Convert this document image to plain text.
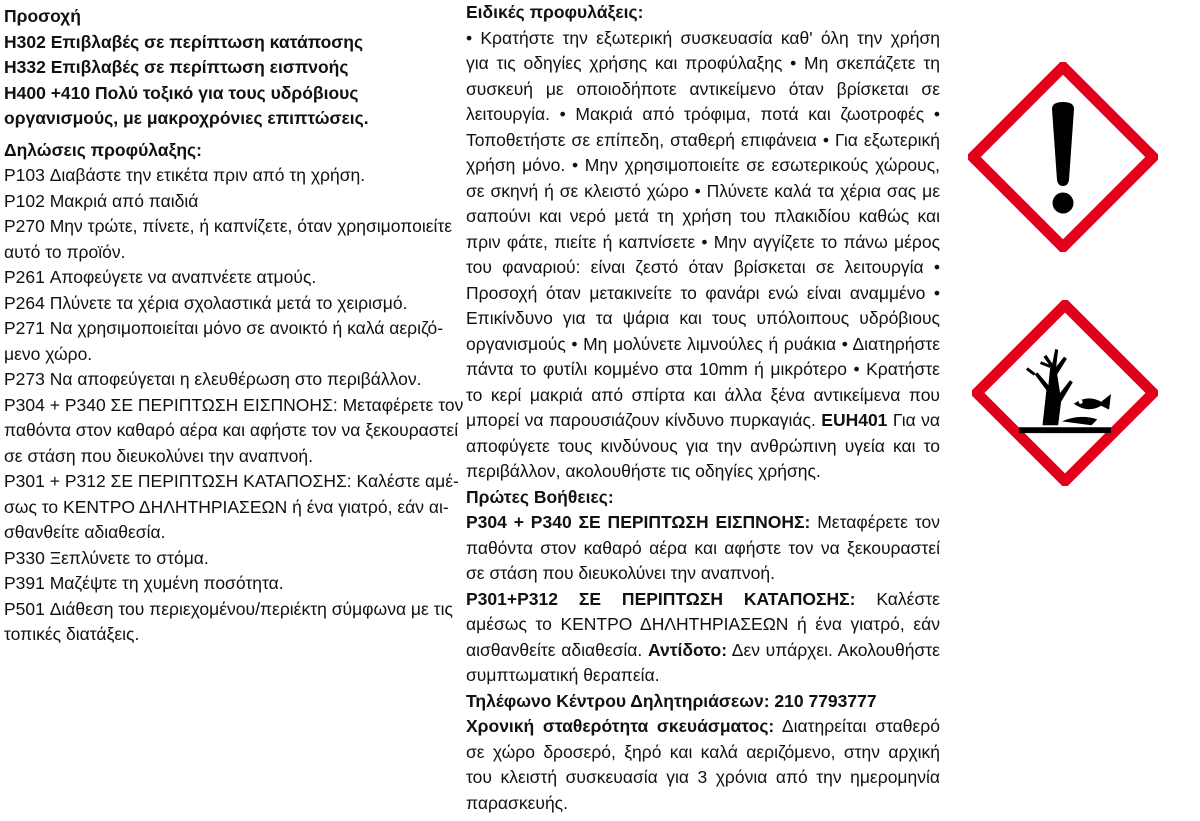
Προσοχή
H302 Επιβλαβές σε περίπτωση κατάποσης
H332 Επιβλαβές σε περίπτωση εισπνοής
H400 +410 Πολύ τοξικό για τους υδρόβιους
οργανισμούς, με μακροχρόνιες επιπτώσεις.
Δηλώσεις προφύλαξης:
P103 Διαβάστε την ετικέτα πριν από τη χρήση.
P102 Μακριά από παιδιά
P270 Μην τρώτε, πίνετε, ή καπνίζετε, όταν χρησιμοποιείτε
αυτό το προϊόν.
P261 Αποφεύγετε να αναπνέετε ατμούς.
P264 Πλύνετε τα χέρια σχολαστικά μετά το χειρισμό.
P271 Να χρησιμοποιείται μόνο σε ανοικτό ή καλά αεριζό-
μενο χώρο.
P273 Να αποφεύγεται η ελευθέρωση στο περιβάλλον.
P304 + P340 ΣΕ ΠΕΡΙΠΤΩΣΗ ΕΙΣΠΝΟΗΣ: Μεταφέρετε τον
παθόντα στον καθαρό αέρα και αφήστε τον να ξεκουραστεί
σε στάση που διευκολύνει την αναπνοή.
P301 + P312 ΣΕ ΠΕΡΙΠΤΩΣΗ ΚΑΤΑΠΟΣΗΣ: Καλέστε αμέ-
σως το ΚΕΝΤΡΟ ΔΗΛΗΤΗΡΙΑΣΕΩΝ ή ένα γιατρό, εάν αι-
σθανθείτε αδιαθεσία.
P330 Ξεπλύνετε το στόμα.
P391 Μαζέψτε τη χυμένη ποσότητα.
P501 Διάθεση του περιεχομένου/περιέκτη σύμφωνα με τις
τοπικές διατάξεις.
Ειδικές προφυλάξεις:

• Κρατήστε την εξωτερική συσκευασία καθ' όλη την χρήση για τις οδηγίες χρήσης και προφύλαξης • Μη σκεπάζετε τη συσκευή με οποιοδήποτε αντικείμενο όταν βρίσκεται σε λειτουργία. • Μακριά από τρόφιμα, ποτά και ζωοτροφές • Τοποθετήστε σε επίπεδη, σταθερή επιφάνεια • Για εξωτερική χρήση μόνο. • Μην χρησιμοποιείτε σε εσωτερικούς χώρους, σε σκηνή ή σε κλειστό χώρο • Πλύνετε καλά τα χέρια σας με σαπούνι και νερό μετά τη χρήση του πλακιδίου καθώς και πριν φάτε, πιείτε ή καπνίσετε • Μην αγγίζετε το πάνω μέρος του φαναριού: είναι ζεστό όταν βρίσκεται σε λειτουργία • Προσοχή όταν μετακινείτε το φανάρι ενώ είναι αναμμένο • Επικίνδυνο για τα ψάρια και τους υπόλοιπους υδρόβιους οργανισμούς • Μη μολύνετε λιμνούλες ή ρυάκια • Διατηρήστε πάντα το φυτίλι κομμένο στα 10mm ή μικρότερο • Κρατήστε το κερί μακριά από σπίρτα και άλλα ξένα αντικείμενα που μπορεί να παρουσιάζουν κίνδυνο πυρκαγιάς. EUH401 Για να αποφύγετε τους κινδύνους για την ανθρώπινη υγεία και το περιβάλλον, ακολουθήστε τις οδηγίες χρήσης.

Πρώτες Βοήθειες:

P304 + P340 ΣΕ ΠΕΡΙΠΤΩΣΗ ΕΙΣΠΝΟΗΣ: Μεταφέρετε τον παθόντα στον καθαρό αέρα και αφήστε τον να ξεκουραστεί σε στάση που διευκολύνει την αναπνοή.

P301+P312 ΣΕ ΠΕΡΙΠΤΩΣΗ ΚΑΤΑΠΟΣΗΣ: Καλέστε αμέσως το ΚΕΝΤΡΟ ΔΗΛΗΤΗΡΙΑΣΕΩΝ ή ένα γιατρό, εάν αισθανθείτε αδιαθεσία. Αντίδοτο: Δεν υπάρχει. Ακολουθήστε συμπτωματική θεραπεία.

Τηλέφωνο Κέντρου Δηλητηριάσεων: 210 7793777

Χρονική σταθερότητα σκευάσματος: Διατηρείται σταθερό σε χώρο δροσερό, ξηρό και καλά αεριζόμενο, στην αρχική του κλειστή συσκευασία για 3 χρόνια από την ημερομηνία παρασκευής.
